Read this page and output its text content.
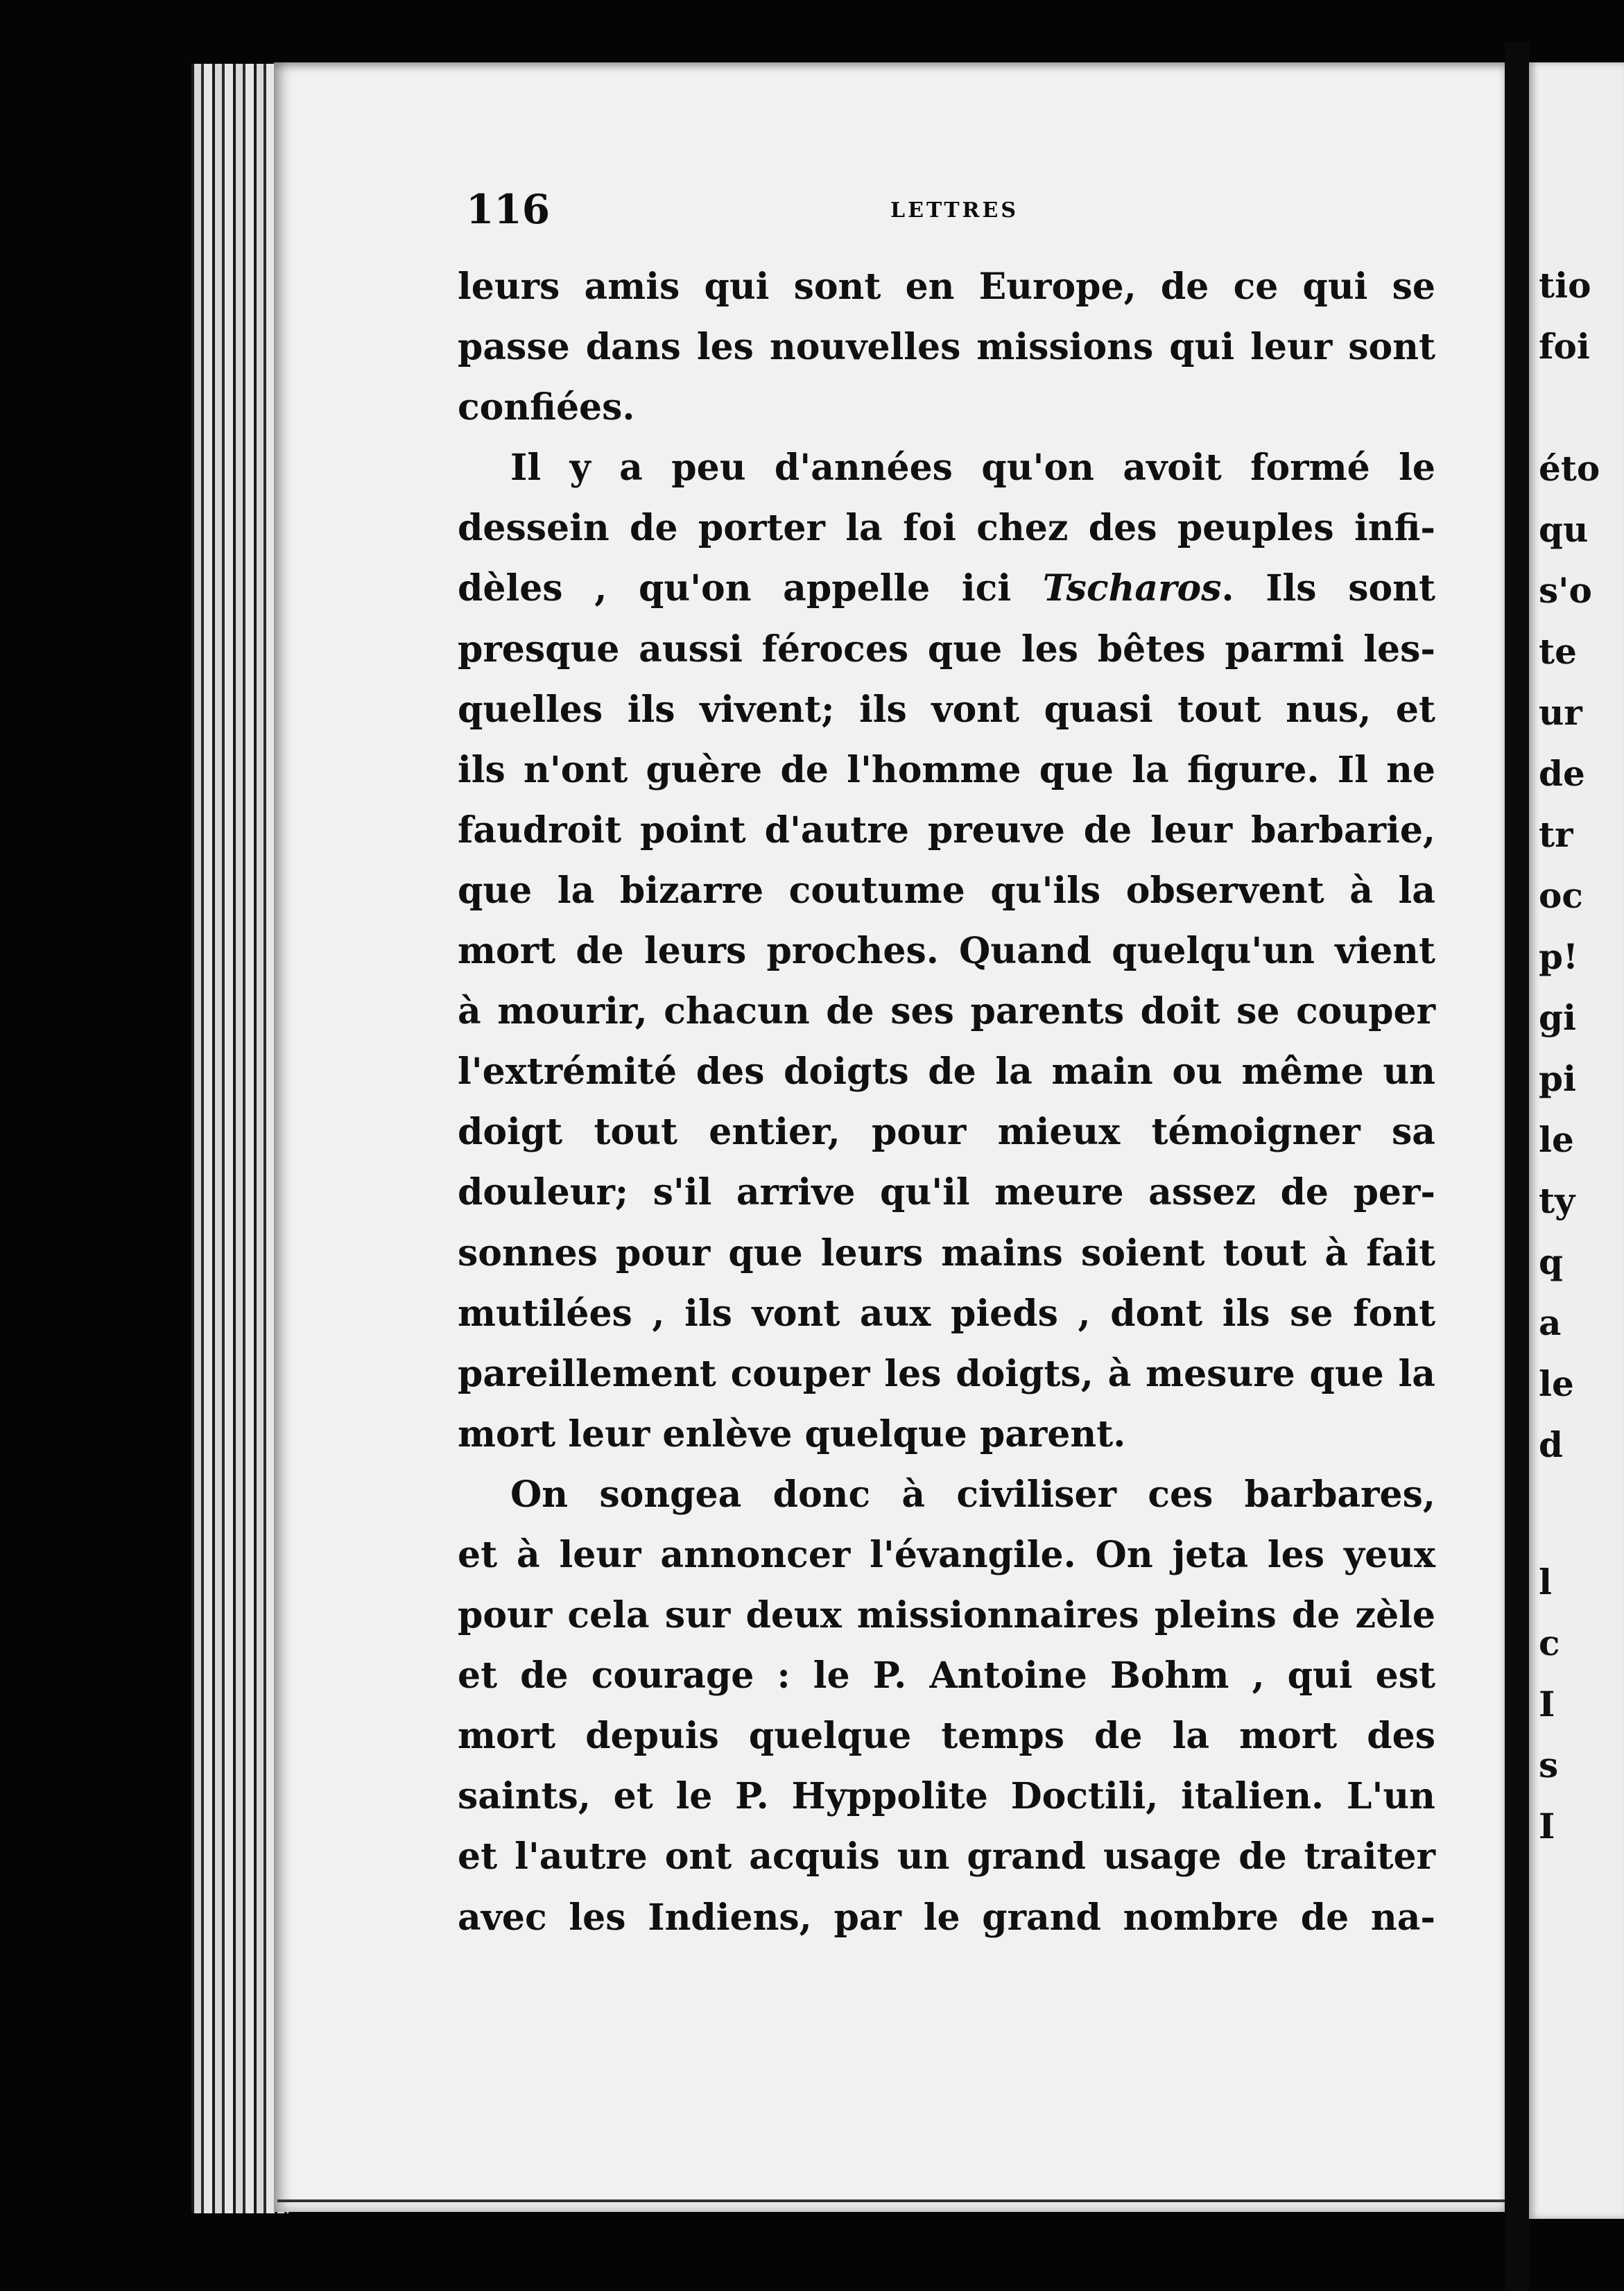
tio
foi
éto
qu
s'o
te
ur
de
tr
oc
p!
gi
pi
le
ty
q
a
le
d
l
c
I
s
I
116	LETTRES
leurs amis qui sont en Europe, de ce qui se
passe dans les nouvelles missions qui leur sont
confiées.
Il y a peu d'années qu'on avoit formé le
dessein de porter la foi chez des peuples infi-
dèles , qu'on appelle ici Tscharos. Ils sont
presque aussi féroces que les bêtes parmi les-
quelles ils vivent; ils vont quasi tout nus, et
ils n'ont guère de l'homme que la figure. Il ne
faudroit point d'autre preuve de leur barbarie,
que la bizarre coutume qu'ils observent à la
mort de leurs proches. Quand quelqu'un vient
à mourir, chacun de ses parents doit se couper
l'extrémité des doigts de la main ou même un
doigt tout entier, pour mieux témoigner sa
douleur; s'il arrive qu'il meure assez de per-
sonnes pour que leurs mains soient tout à fait
mutilées , ils vont aux pieds , dont ils se font
pareillement couper les doigts, à mesure que la
mort leur enlève quelque parent.
On songea donc à civiliser ces barbares,
et à leur annoncer l'évangile. On jeta les yeux
pour cela sur deux missionnaires pleins de zèle
et de courage : le P. Antoine Bohm , qui est
mort depuis quelque temps de la mort des
saints, et le P. Hyppolite Doctili, italien. L'un
et l'autre ont acquis un grand usage de traiter
avec les Indiens, par le grand nombre de na-
